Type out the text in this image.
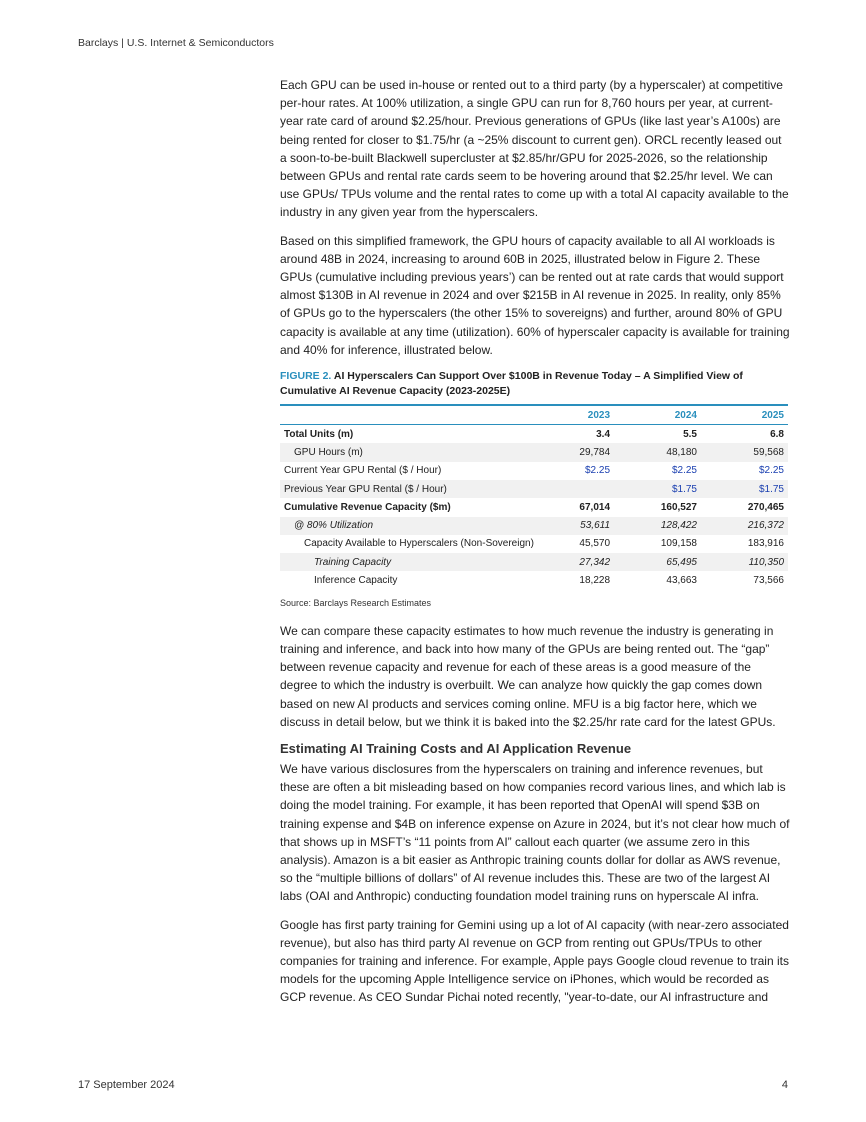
Barclays | U.S. Internet & Semiconductors

Each GPU can be used in-house or rented out to a third party (by a hyperscaler) at competitive per-hour rates. At 100% utilization, a single GPU can run for 8,760 hours per year, at current-year rate card of around $2.25/hour. Previous generations of GPUs (like last year’s A100s) are being rented for closer to $1.75/hr (a ~25% discount to current gen). ORCL recently leased out a soon-to-be-built Blackwell supercluster at $2.85/hr/GPU for 2025-2026, so the relationship between GPUs and rental rate cards seem to be hovering around that $2.25/hr level. We can use GPUs/ TPUs volume and the rental rates to come up with a total AI capacity available to the industry in any given year from the hyperscalers.

Based on this simplified framework, the GPU hours of capacity available to all AI workloads is around 48B in 2024, increasing to around 60B in 2025, illustrated below in Figure 2. These GPUs (cumulative including previous years’) can be rented out at rate cards that would support almost $130B in AI revenue in 2024 and over $215B in AI revenue in 2025. In reality, only 85% of GPUs go to the hyperscalers (the other 15% to sovereigns) and further, around 80% of GPU capacity is available at any time (utilization). 60% of hyperscaler capacity is available for training and 40% for inference, illustrated below.

FIGURE 2. AI Hyperscalers Can Support Over $100B in Revenue Today – A Simplified View of Cumulative AI Revenue Capacity (2023-2025E)
	2023	2024	2025
Total Units (m)	3.4	5.5	6.8
GPU Hours (m)	29,784	48,180	59,568
Current Year GPU Rental ($ / Hour)	$2.25	$2.25	$2.25
Previous Year GPU Rental ($ / Hour)		$1.75	$1.75
Cumulative Revenue Capacity ($m)	67,014	160,527	270,465
@ 80% Utilization	53,611	128,422	216,372
Capacity Available to Hyperscalers (Non-Sovereign)	45,570	109,158	183,916
Training Capacity	27,342	65,495	110,350
Inference Capacity	18,228	43,663	73,566
Source: Barclays Research Estimates

We can compare these capacity estimates to how much revenue the industry is generating in training and inference, and back into how many of the GPUs are being rented out. The “gap” between revenue capacity and revenue for each of these areas is a good measure of the degree to which the industry is overbuilt. We can analyze how quickly the gap comes down based on new AI products and services coming online. MFU is a big factor here, which we discuss in detail below, but we think it is baked into the $2.25/hr rate card for the latest GPUs.

Estimating AI Training Costs and AI Application Revenue

We have various disclosures from the hyperscalers on training and inference revenues, but these are often a bit misleading based on how companies record various lines, and which lab is doing the model training. For example, it has been reported that OpenAI will spend $3B on training expense and $4B on inference expense on Azure in 2024, but it’s not clear how much of that shows up in MSFT’s “11 points from AI” callout each quarter (we assume zero in this analysis). Amazon is a bit easier as Anthropic training counts dollar for dollar as AWS revenue, so the “multiple billions of dollars” of AI revenue includes this. These are two of the largest AI labs (OAI and Anthropic) conducting foundation model training runs on hyperscale AI infra.

Google has first party training for Gemini using up a lot of AI capacity (with near-zero associated revenue), but also has third party AI revenue on GCP from renting out GPUs/TPUs to other companies for training and inference. For example, Apple pays Google cloud revenue to train its models for the upcoming Apple Intelligence service on iPhones, which would be recorded as GCP revenue. As CEO Sundar Pichai noted recently, "year-to-date, our AI infrastructure and

17 September 2024	4
